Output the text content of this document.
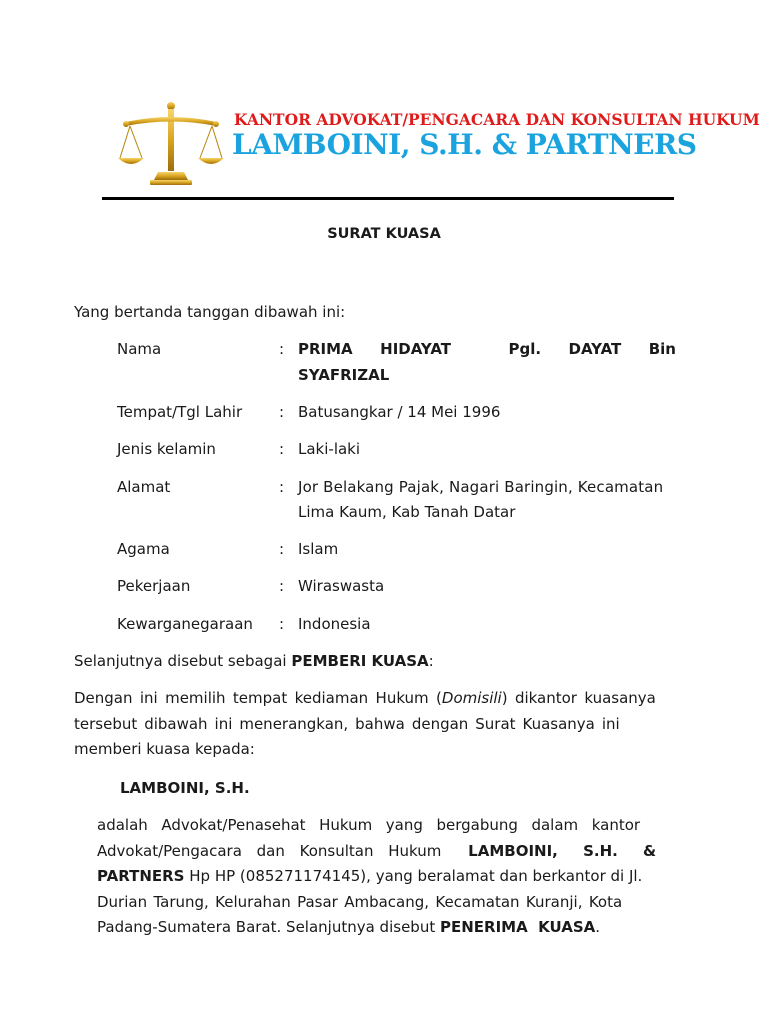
KANTOR ADVOKAT/PENGACARA DAN KONSULTAN HUKUM
LAMBOINI, S.H. & PARTNERS
SURAT KUASA
Yang bertanda tanggan dibawah ini:
Nama	: PRIMA HIDAYAT	Pgl. DAYAT Bin
SYAFRIZAL
Tempat/Tgl Lahir : Batusangkar / 14 Mei 1996
Jenis kelamin	: Laki-laki
Alamat	: Jor Belakang Pajak, Nagari Baringin, Kecamatan
Lima Kaum, Kab Tanah Datar
Agama	: Islam
Pekerjaan	: Wiraswasta
Kewarganegaraan : Indonesia
Selanjutnya disebut sebagai PEMBERI KUASA:
Dengan ini memilih tempat kediaman Hukum ( Domisili ) dikantor kuasanya
tersebut dibawah ini menerangkan, bahwa dengan Surat Kuasanya ini
memberi kuasa kepada:
LAMBOINI, S.H.
adalah Advokat/Penasehat Hukum yang bergabung dalam kantor
Advokat/Pengacara dan Konsultan Hukum LAMBOINI, S.H. &
PARTNERS Hp HP (085271174145), yang beralamat dan berkantor di Jl.
Durian Tarung, Kelurahan Pasar Ambacang, Kecamatan Kuranji, Kota
Padang-Sumatera Barat. Selanjutnya disebut PENERIMA  KUASA.
